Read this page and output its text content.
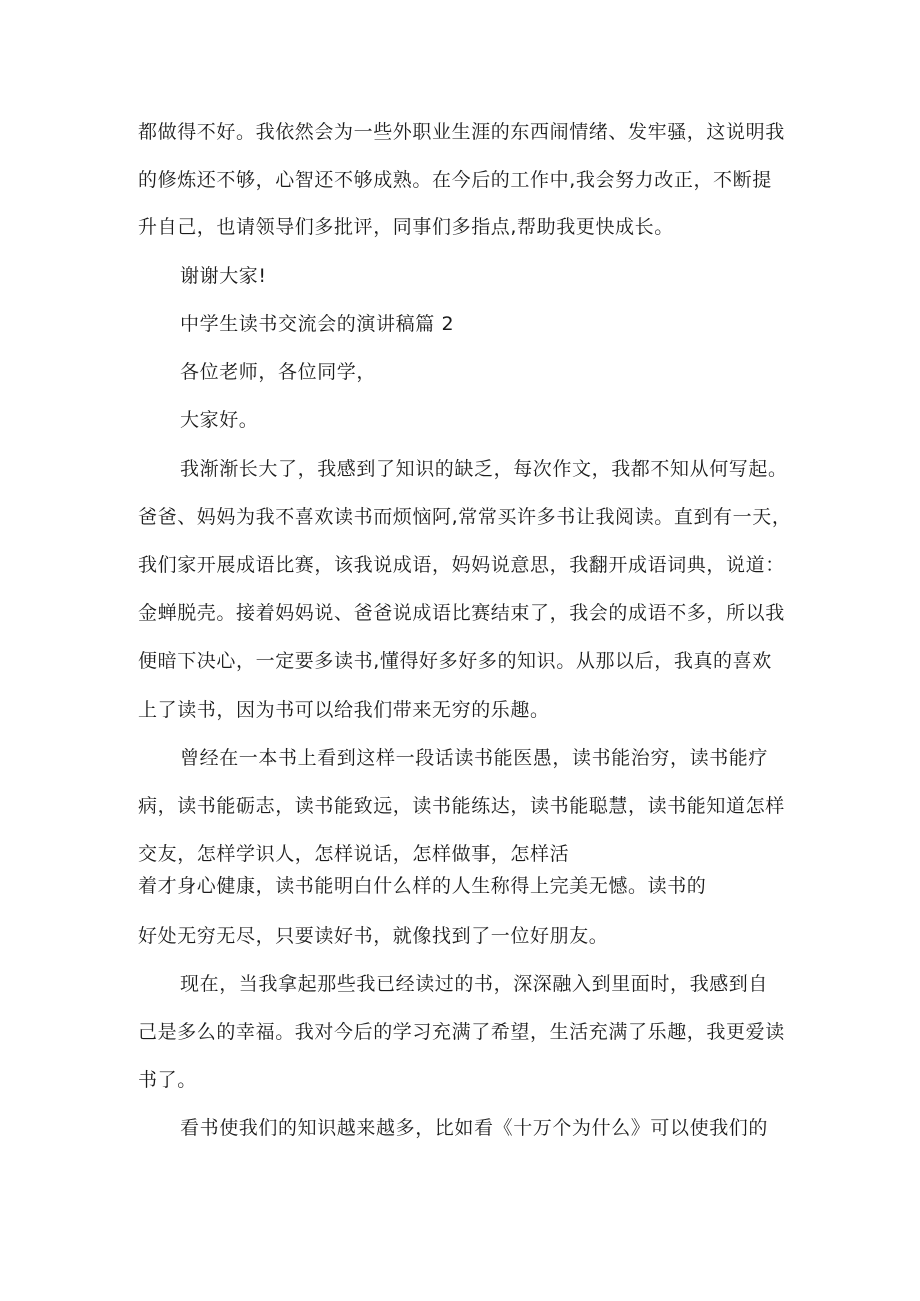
都做得不好。我依然会为一些外职业生涯的东西闹情绪、发牢骚，这说明我
的修炼还不够，心智还不够成熟。在今后的工作中,我会努力改正，不断提
升自己，也请领导们多批评，同事们多指点,帮助我更快成长。
谢谢大家!
中学生读书交流会的演讲稿篇 2
各位老师，各位同学，
大家好。
我渐渐长大了，我感到了知识的缺乏，每次作文，我都不知从何写起。
爸爸、妈妈为我不喜欢读书而烦恼阿,常常买许多书让我阅读。直到有一天，
我们家开展成语比赛，该我说成语，妈妈说意思，我翻开成语词典，说道：
金蝉脱壳。接着妈妈说、爸爸说成语比赛结束了，我会的成语不多，所以我
便暗下决心，一定要多读书,懂得好多好多的知识。从那以后，我真的喜欢
上了读书，因为书可以给我们带来无穷的乐趣。
曾经在一本书上看到这样一段话读书能医愚，读书能治穷，读书能疗
病，读书能砺志，读书能致远，读书能练达，读书能聪慧，读书能知道怎样
交友，怎样学识人，怎样说话，怎样做事，怎样活
着才身心健康，读书能明白什么样的人生称得上完美无憾。读书的
好处无穷无尽，只要读好书，就像找到了一位好朋友。
现在，当我拿起那些我已经读过的书，深深融入到里面时，我感到自
己是多么的幸福。我对今后的学习充满了希望，生活充满了乐趣，我更爱读
书了。
看书使我们的知识越来越多，比如看《十万个为什么》可以使我们的
